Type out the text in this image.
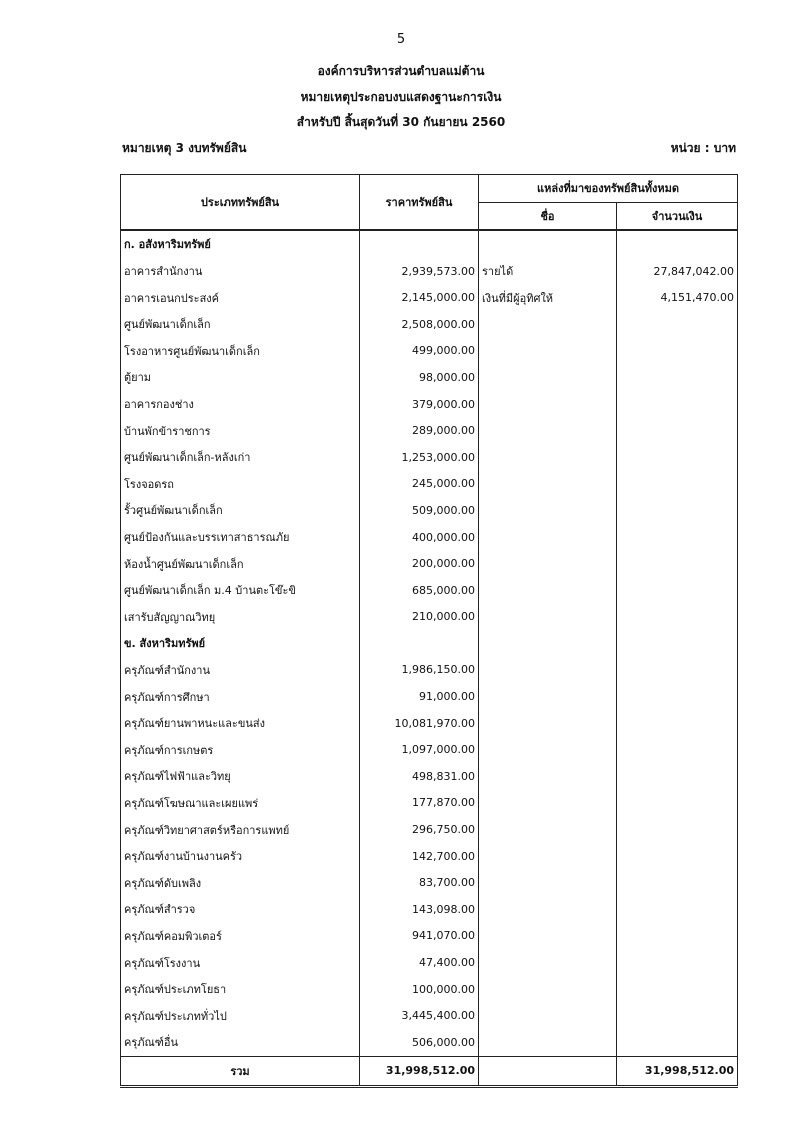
5
องค์การบริหารส่วนตำบลแม่ต้าน
หมายเหตุประกอบงบแสดงฐานะการเงิน
สำหรับปี สิ้นสุดวันที่ 30 กันยายน 2560
หมายเหตุ 3 งบทรัพย์สิน	หน่วย : บาท
ประเภททรัพย์สิน	ราคาทรัพย์สิน	แหล่งที่มาของทรัพย์สินทั้งหมด	
		ชื่อ	จำนวนเงิน
ก. อสังหาริมทรัพย์			
อาคารสำนักงาน	2,939,573.00	รายได้	27,847,042.00
อาคารเอนกประสงค์	2,145,000.00	เงินที่มีผู้อุทิศให้	4,151,470.00
ศูนย์พัฒนาเด็กเล็ก	2,508,000.00		
โรงอาหารศูนย์พัฒนาเด็กเล็ก	499,000.00		
ตู้ยาม	98,000.00		
อาคารกองช่าง	379,000.00		
บ้านพักข้าราชการ	289,000.00		
ศูนย์พัฒนาเด็กเล็ก-หลังเก่า	1,253,000.00		
โรงจอดรถ	245,000.00		
รั้วศูนย์พัฒนาเด็กเล็ก	509,000.00		
ศูนย์ป้องกันและบรรเทาสาธารณภัย	400,000.00		
ห้องน้ำศูนย์พัฒนาเด็กเล็ก	200,000.00		
ศูนย์พัฒนาเด็กเล็ก ม.4 บ้านตะโข๊ะขิ	685,000.00		
เสารับสัญญาณวิทยุ	210,000.00		
ข. สังหาริมทรัพย์			
ครุภัณฑ์สำนักงาน	1,986,150.00		
ครุภัณฑ์การศึกษา	91,000.00		
ครุภัณฑ์ยานพาหนะและขนส่ง	10,081,970.00		
ครุภัณฑ์การเกษตร	1,097,000.00		
ครุภัณฑ์ไฟฟ้าและวิทยุ	498,831.00		
ครุภัณฑ์โฆษณาและเผยแพร่	177,870.00		
ครุภัณฑ์วิทยาศาสตร์หรือการแพทย์	296,750.00		
ครุภัณฑ์งานบ้านงานครัว	142,700.00		
ครุภัณฑ์ดับเพลิง	83,700.00		
ครุภัณฑ์สำรวจ	143,098.00		
ครุภัณฑ์คอมพิวเตอร์	941,070.00		
ครุภัณฑ์โรงงาน	47,400.00		
ครุภัณฑ์ประเภทโยธา	100,000.00		
ครุภัณฑ์ประเภททั่วไป	3,445,400.00		
ครุภัณฑ์อื่น	506,000.00		
รวม	31,998,512.00		31,998,512.00
